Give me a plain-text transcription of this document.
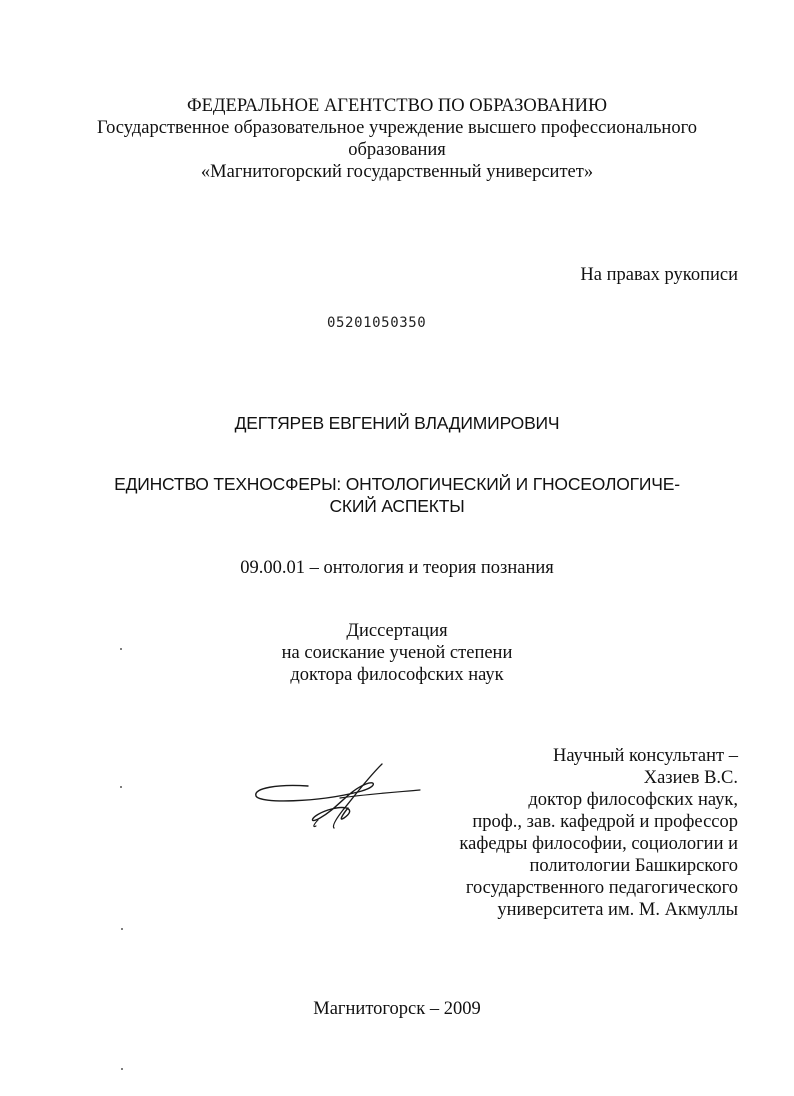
ФЕДЕРАЛЬНОЕ АГЕНТСТВО ПО ОБРАЗОВАНИЮ
Государственное образовательное учреждение высшего профессионального
образования
«Магнитогорский государственный университет»
На правах рукописи
05201050350
ДЕГТЯРЕВ ЕВГЕНИЙ ВЛАДИМИРОВИЧ
ЕДИНСТВО ТЕХНОСФЕРЫ: ОНТОЛОГИЧЕСКИЙ И ГНОСЕОЛОГИЧЕ-
СКИЙ АСПЕКТЫ
09.00.01 – онтология и теория познания
Диссертация
на соискание ученой степени
доктора философских наук
Научный консультант –
Хазиев В.С.
доктор философских наук,
проф., зав. кафедрой и профессор
кафедры философии, социологии и
политологии Башкирского
государственного педагогического
университета им. М. Акмуллы
Магнитогорск – 2009
